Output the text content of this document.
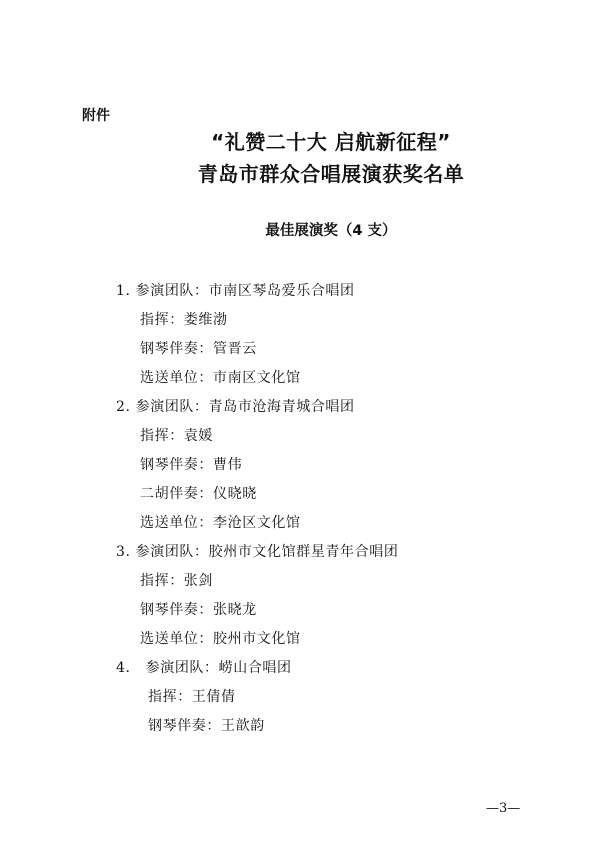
附件
“礼赞二十大 启航新征程”
青岛市群众合唱展演获奖名单
最佳展演奖（4 支）
1. 参演团队：市南区琴岛爱乐合唱团
指挥：娄维渤
钢琴伴奏：管晋云
选送单位：市南区文化馆
2. 参演团队：青岛市沧海青城合唱团
指挥：袁媛
钢琴伴奏：曹伟
二胡伴奏：仪晓晓
选送单位：李沧区文化馆
3. 参演团队：胶州市文化馆群星青年合唱团
指挥：张剑
钢琴伴奏：张晓龙
选送单位：胶州市文化馆
4. 参演团队：崂山合唱团
指挥：王倩倩
钢琴伴奏：王歆韵
—3—
